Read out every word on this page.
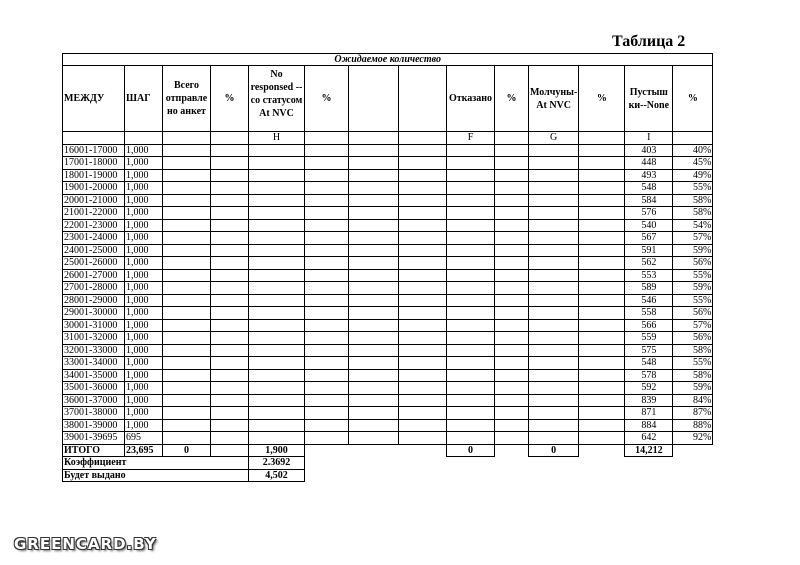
Таблица 2
Ожидаемое количество													
МЕЖДУ	ШАГ	Всего отправле но анкет	%	No responsed -- со статусом At NVC	%			Отказано	%	Молчуны-At NVC	%	Пустыш ки--None	%
				H				F		G		I	
16001-17000	1,000											403	40%
17001-18000	1,000											448	45%
18001-19000	1,000											493	49%
19001-20000	1,000											548	55%
20001-21000	1,000											584	58%
21001-22000	1,000											576	58%
22001-23000	1,000											540	54%
23001-24000	1,000											567	57%
24001-25000	1,000											591	59%
25001-26000	1,000											562	56%
26001-27000	1,000											553	55%
27001-28000	1,000											589	59%
28001-29000	1,000											546	55%
29001-30000	1,000											558	56%
30001-31000	1,000											566	57%
31001-32000	1,000											559	56%
32001-33000	1,000											575	58%
33001-34000	1,000											548	55%
34001-35000	1,000											578	58%
35001-36000	1,000											592	59%
36001-37000	1,000											839	84%
37001-38000	1,000											871	87%
38001-39000	1,000											884	88%
39001-39695	695											642	92%
ИТОГО	23,695	0		1,900				0		0		14,212	
Коэффициент				2.3692									
Будет выдано				4,502									
GREENCARD.BY
